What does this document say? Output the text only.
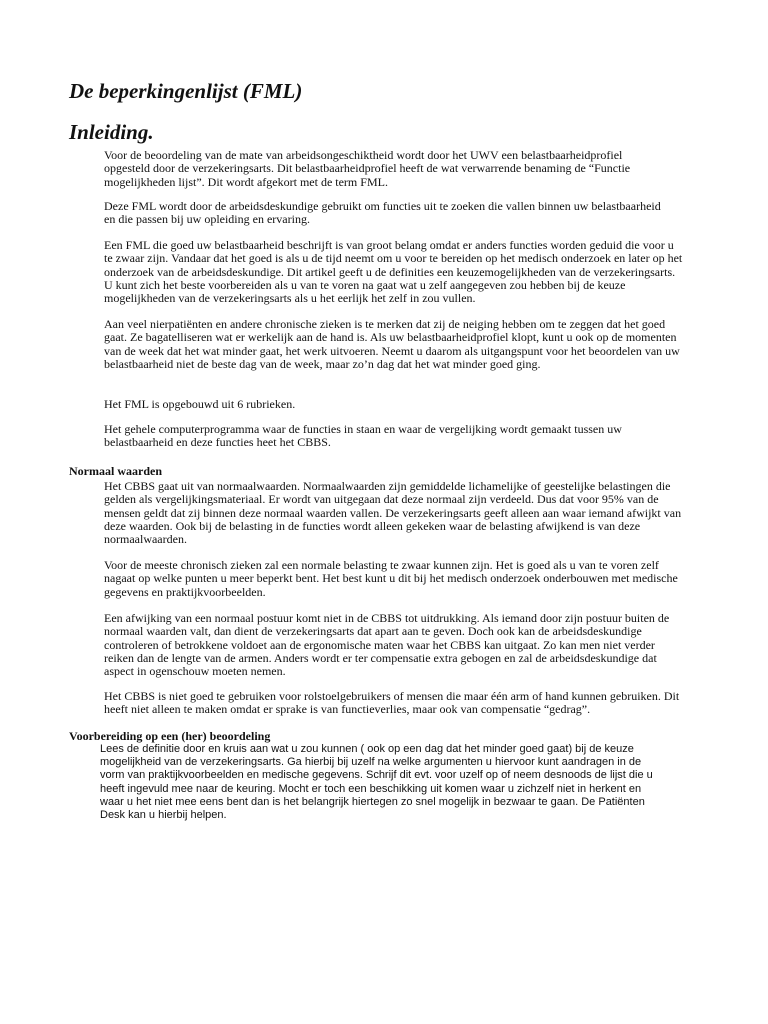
De beperkingenlijst (FML)
Inleiding.

Voor de beoordeling van de mate van arbeidsongeschiktheid wordt door het UWV een belastbaarheidprofiel opgesteld door de verzekeringsarts. Dit belastbaarheidprofiel heeft de wat verwarrende benaming de “Functie mogelijkheden lijst”. Dit wordt afgekort met de term FML.

Deze FML wordt door de arbeidsdeskundige gebruikt om functies uit te zoeken die vallen binnen uw belastbaarheid en die passen bij uw opleiding en ervaring.

Een FML die goed uw belastbaarheid beschrijft is van groot belang omdat er anders functies worden geduid die voor u te zwaar zijn. Vandaar dat het goed is als u de tijd neemt om u voor te bereiden op het medisch onderzoek en later op het onderzoek van de arbeidsdeskundige. Dit artikel geeft u de definities een keuzemogelijkheden van de verzekeringsarts. U kunt zich het beste voorbereiden als u van te voren na gaat wat u zelf aangegeven zou hebben bij de keuze mogelijkheden van de verzekeringsarts als u het eerlijk het zelf in zou vullen.

Aan veel nierpatiënten en andere chronische zieken is te merken dat zij de neiging hebben om te zeggen dat het goed gaat. Ze bagatelliseren wat er werkelijk aan de hand is. Als uw belastbaarheidprofiel klopt, kunt u ook op de momenten van de week dat het wat minder gaat, het werk uitvoeren. Neemt u daarom als uitgangspunt voor het beoordelen van uw belastbaarheid niet de beste dag van de week, maar zo’n dag dat het wat minder goed ging.

Het FML is opgebouwd uit 6 rubrieken.

Het gehele computerprogramma waar de functies in staan en waar de vergelijking wordt gemaakt tussen uw belastbaarheid en deze functies heet het CBBS.

Normaal waarden

Het CBBS gaat uit van normaalwaarden. Normaalwaarden zijn gemiddelde lichamelijke of geestelijke belastingen die gelden als vergelijkingsmateriaal. Er wordt van uitgegaan dat deze normaal zijn verdeeld. Dus dat voor 95% van de mensen geldt dat zij binnen deze normaal waarden vallen. De verzekeringsarts geeft alleen aan waar iemand afwijkt van deze waarden. Ook bij de belasting in de functies wordt alleen gekeken waar de belasting afwijkend is van deze normaalwaarden.

Voor de meeste chronisch zieken zal een normale belasting te zwaar kunnen zijn. Het is goed als u van te voren zelf nagaat op welke punten u meer beperkt bent. Het best kunt u dit bij het medisch onderzoek onderbouwen met medische gegevens en praktijkvoorbeelden.

Een afwijking van een normaal postuur komt niet in de CBBS tot uitdrukking. Als iemand door zijn postuur buiten de normaal waarden valt, dan dient de verzekeringsarts dat apart aan te geven. Doch ook kan de arbeidsdeskundige controleren of betrokkene voldoet aan de ergonomische maten waar het CBBS kan uitgaat. Zo kan men niet verder reiken dan de lengte van de armen. Anders wordt er ter compensatie extra gebogen en zal de arbeidsdeskundige dat aspect in ogenschouw moeten nemen.

Het CBBS is niet goed te gebruiken voor rolstoelgebruikers of mensen die maar één arm of hand kunnen gebruiken. Dit heeft niet alleen te maken omdat er sprake is van functieverlies, maar ook van compensatie “gedrag”.

Voorbereiding op een (her) beoordeling

Lees de definitie door en kruis aan wat u zou kunnen ( ook op een dag dat het minder goed gaat) bij de keuze mogelijkheid van de verzekeringsarts. Ga hierbij bij uzelf na welke argumenten u hiervoor kunt aandragen in de vorm van praktijkvoorbeelden en medische gegevens. Schrijf dit evt. voor uzelf op of neem desnoods de lijst die u heeft ingevuld mee naar de keuring. Mocht er toch een beschikking uit komen waar u zichzelf niet in herkent en waar u het niet mee eens bent dan is het belangrijk hiertegen zo snel mogelijk in bezwaar te gaan. De Patiënten Desk kan u hierbij helpen.
